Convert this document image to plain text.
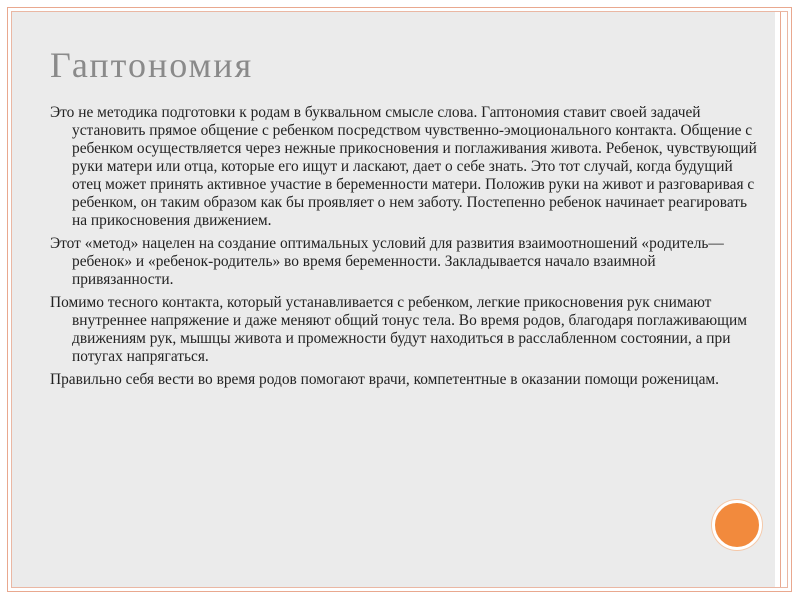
Гаптономия

Это не методика подготовки к родам в буквальном смысле слова. Гаптономия ставит своей задачей установить прямое общение с ребенком посредством чувственно-эмоционального контакта. Общение с ребенком осуществляется через нежные прикосновения и поглаживания живота. Ребенок, чувствующий руки матери или отца, которые его ищут и ласкают, дает о себе знать. Это тот случай, когда будущий отец может принять активное участие в беременности матери. Положив руки на живот и разговаривая с ребенком, он таким образом как бы проявляет о нем заботу. Постепенно ребенок начинает реагировать на прикосновения движением.

Этот «метод» нацелен на создание оптимальных условий для развития взаимоотношений «родитель—ребенок» и «ребенок-родитель» во время беременности. Закладывается начало взаимной привязанности.

Помимо тесного контакта, который устанавливается с ребенком, легкие прикосновения рук снимают внутреннее напряжение и даже меняют общий тонус тела. Во время родов, благодаря поглаживающим движениям рук, мышцы живота и промежности будут находиться в расслабленном состоянии, а при потугах напрягаться.

Правильно себя вести во время родов помогают врачи, компетентные в оказании помощи роженицам.
